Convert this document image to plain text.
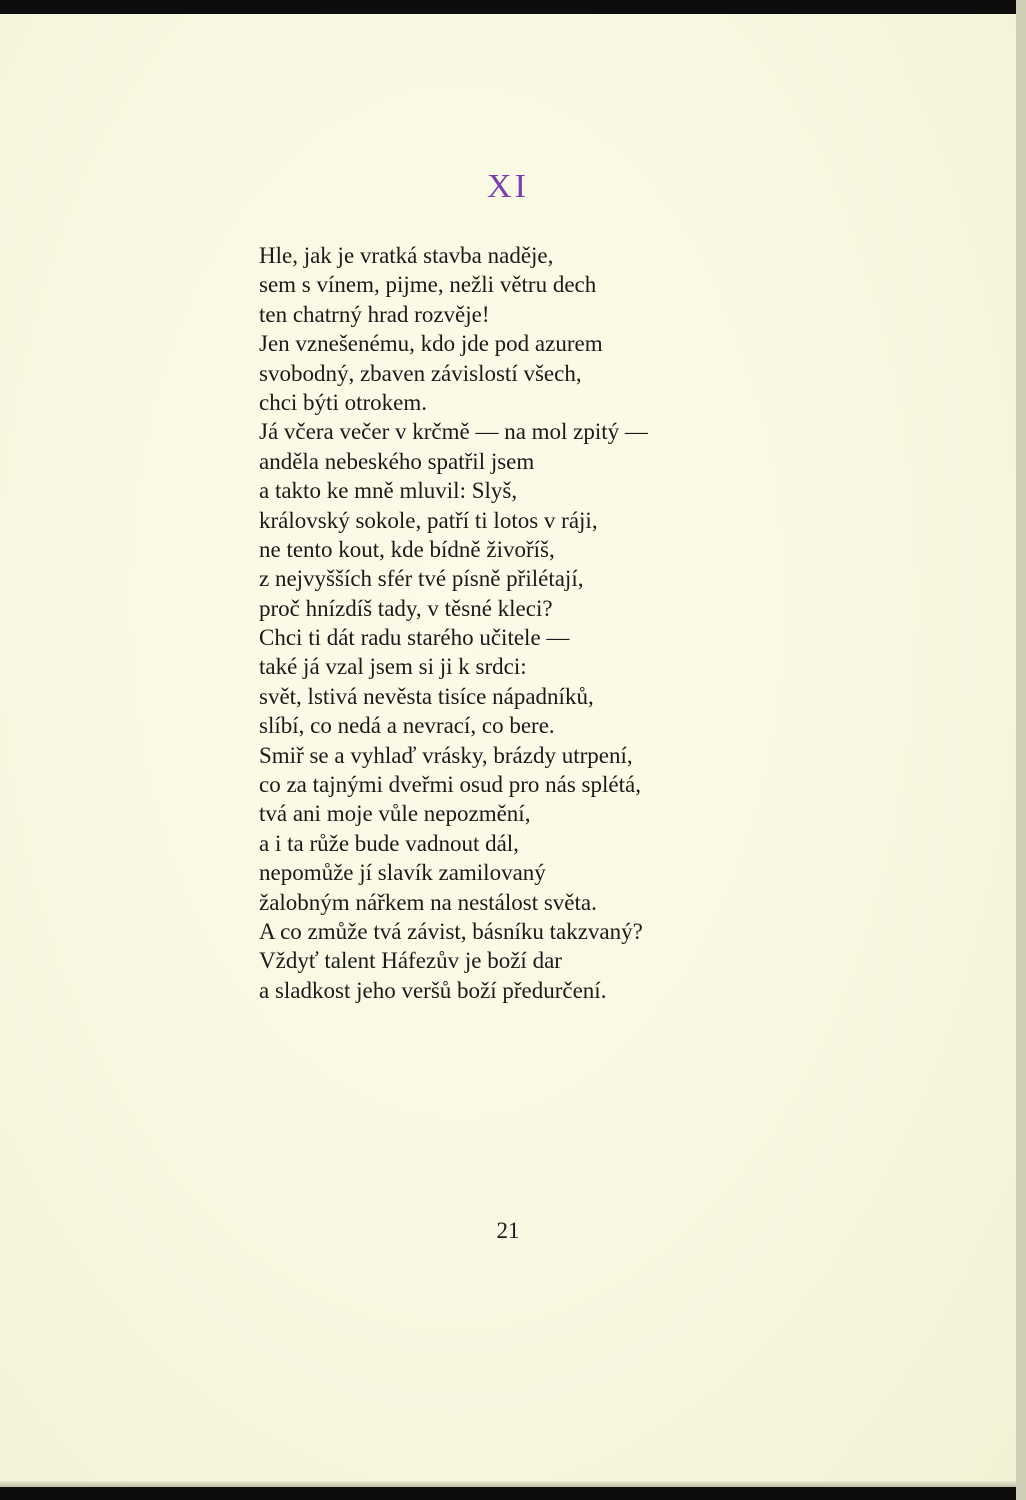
XI
Hle, jak je vratká stavba naděje,
sem s vínem, pijme, nežli větru dech
ten chatrný hrad rozvěje!
Jen vznešenému, kdo jde pod azurem
svobodný, zbaven závislostí všech,
chci býti otrokem.
Já včera večer v krčmě — na mol zpitý —
anděla nebeského spatřil jsem
a takto ke mně mluvil: Slyš,
královský sokole, patří ti lotos v ráji,
ne tento kout, kde bídně živoříš,
z nejvyšších sfér tvé písně přilétají,
proč hnízdíš tady, v těsné kleci?
Chci ti dát radu starého učitele —
také já vzal jsem si ji k srdci:
svět, lstivá nevěsta tisíce nápadníků,
slíbí, co nedá a nevrací, co bere.
Smiř se a vyhlaď vrásky, brázdy utrpení,
co za tajnými dveřmi osud pro nás splétá,
tvá ani moje vůle nepozmění,
a i ta růže bude vadnout dál,
nepomůže jí slavík zamilovaný
žalobným nářkem na nestálost světa.
A co zmůže tvá závist, básníku takzvaný?
Vždyť talent Háfezův je boží dar
a sladkost jeho veršů boží předurčení.
21
